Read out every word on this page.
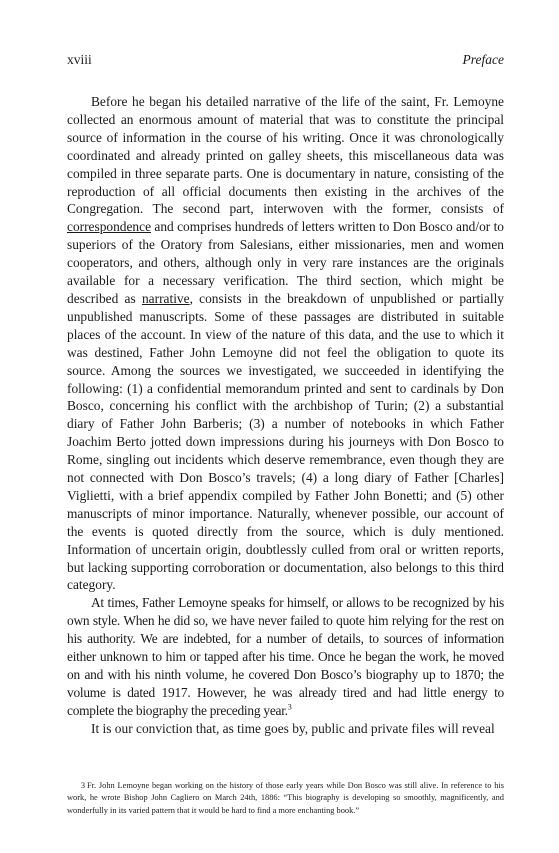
xviii	Preface

Before he began his detailed narrative of the life of the saint, Fr. Lemoyne collected an enormous amount of material that was to constitute the principal source of information in the course of his writing. Once it was chronologically coordinated and already printed on galley sheets, this miscellaneous data was compiled in three separate parts. One is documentary in nature, consisting of the reproduction of all official documents then existing in the archives of the Congregation. The second part, interwoven with the former, consists of correspondence and comprises hundreds of letters written to Don Bosco and/or to superiors of the Oratory from Salesians, either missionaries, men and women cooperators, and others, although only in very rare instances are the originals available for a necessary verification. The third section, which might be described as narrative, consists in the breakdown of unpublished or partially unpublished manuscripts. Some of these passages are distributed in suitable places of the account. In view of the nature of this data, and the use to which it was destined, Father John Lemoyne did not feel the obligation to quote its source. Among the sources we investigated, we succeeded in identifying the following: (1) a confidential memorandum printed and sent to cardinals by Don Bosco, concerning his conflict with the archbishop of Turin; (2) a substantial diary of Father John Barberis; (3) a number of notebooks in which Father Joachim Berto jotted down impressions during his journeys with Don Bosco to Rome, singling out incidents which deserve remembrance, even though they are not connected with Don Bosco’s travels; (4) a long diary of Father [Charles] Viglietti, with a brief appendix compiled by Father John Bonetti; and (5) other manuscripts of minor importance. Naturally, whenever possible, our account of the events is quoted directly from the source, which is duly mentioned. Information of uncertain origin, doubtlessly culled from oral or written reports, but lacking supporting corroboration or documentation, also belongs to this third category.

At times, Father Lemoyne speaks for himself, or allows to be recognized by his own style. When he did so, we have never failed to quote him relying for the rest on his authority. We are indebted, for a number of details, to sources of information either unknown to him or tapped after his time. Once he began the work, he moved on and with his ninth volume, he covered Don Bosco’s biography up to 1870; the volume is dated 1917. However, he was already tired and had little energy to complete the biography the preceding year.$^3$

It is our conviction that, as time goes by, public and private files will reveal

3 Fr. John Lemoyne began working on the history of those early years while Don Bosco was still alive. In reference to his work, he wrote Bishop John Cagliero on March 24th, 1886: “This biography is developing so smoothly, magnificently, and wonderfully in its varied pattern that it would be hard to find a more enchanting book.”
